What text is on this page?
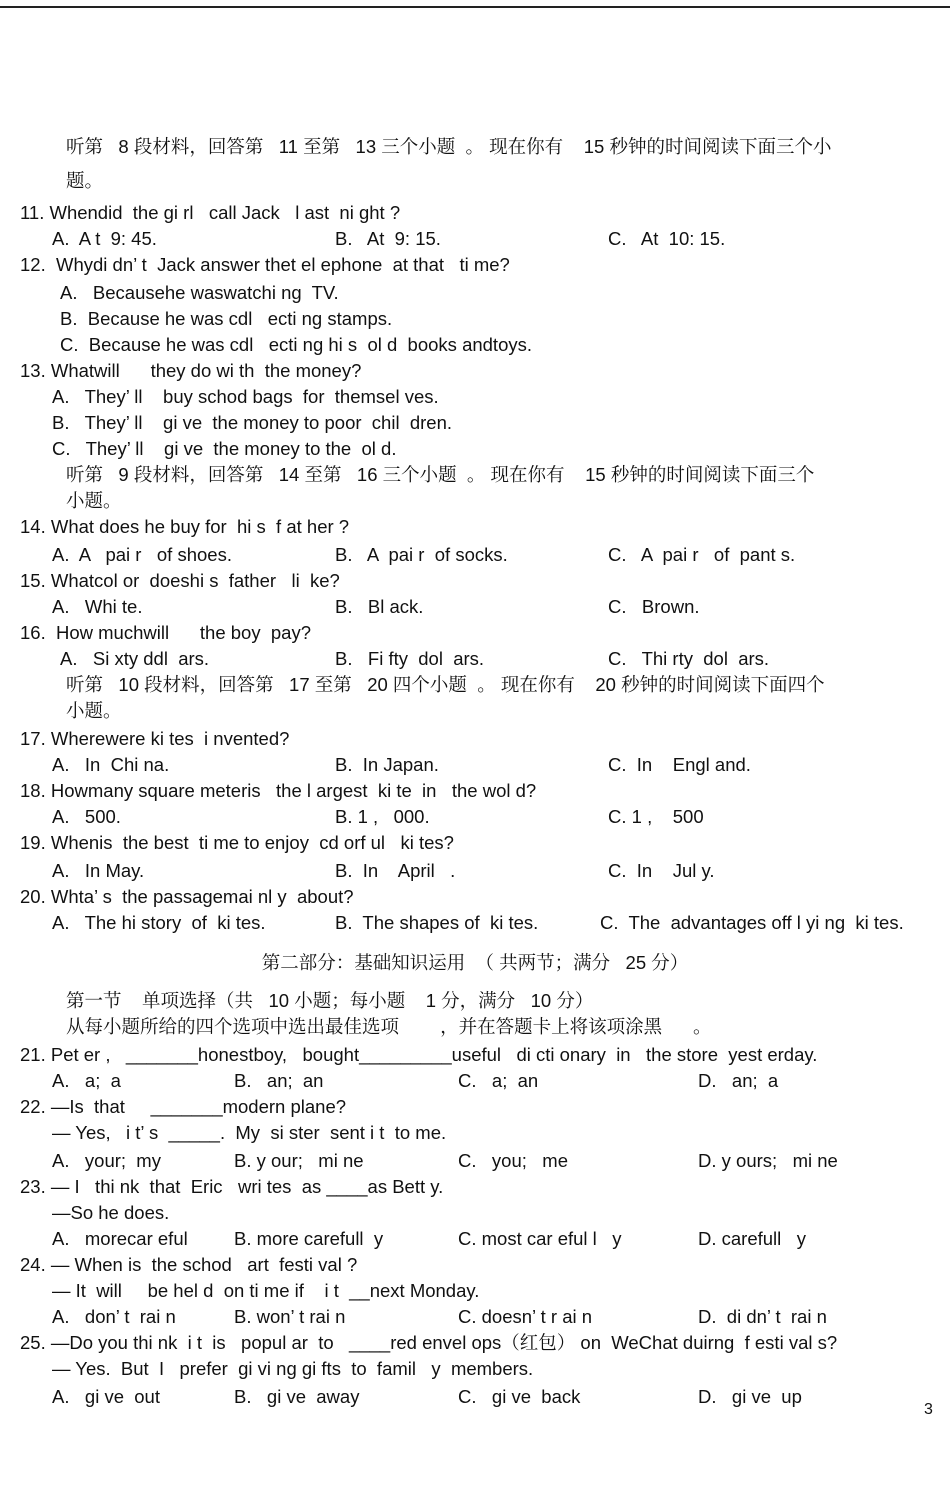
听第   8 段材料，回答第   11 至第   13 三个小题  。 现在你有    15 秒钟的时间阅读下面三个小
题。
11. Whendid  the gi rl   call Jack   l ast  ni ght ?
A.  A t  9: 45.	B.   At  9: 15.	C.   At  10: 15.
12.  Whydi dn’ t  Jack answer thet el ephone  at that   ti me?
A.   Becausehe waswatchi ng  TV.
B.  Because he was cdl   ecti ng stamps.
C.  Because he was cdl   ecti ng hi s  ol d  books andtoys.
13. Whatwill      they do wi th  the money?
A.   They’ ll    buy schod bags  for  themsel ves.
B.   They’ ll    gi ve  the money to poor  chil  dren.
C.   They’ ll    gi ve  the money to the  ol d.
听第   9 段材料，回答第   14 至第   16 三个小题  。 现在你有    15 秒钟的时间阅读下面三个
小题。
14. What does he buy for  hi s  f at her ?
A.  A   pai r   of shoes.	B.   A  pai r  of socks.	C.   A  pai r   of  pant s.
15. Whatcol or  doeshi s  father   li  ke?
A.   Whi te.	B.   Bl ack.	C.   Brown.
16.  How muchwill      the boy  pay?
A.   Si xty ddl  ars.	B.   Fi fty  dol  ars.	C.   Thi rty  dol  ars.
听第   10 段材料，回答第   17 至第   20 四个小题  。 现在你有    20 秒钟的时间阅读下面四个
小题。
17. Wherewere ki tes  i nvented?
A.   In  Chi na.	B.  In Japan.	C.  In    Engl and.
18. Howmany square meteris   the l argest  ki te  in   the wol d?
A.   500.	B. 1 ,   000.	C. 1 ,    500
19. Whenis  the best  ti me to enjoy  cd orf ul   ki tes?
A.   In May.	B.  In    April   .	C.  In    Jul y.
20. Whta’ s  the passagemai nl y  about?
A.   The hi story  of  ki tes.	B.  The shapes of  ki tes.	C.  The  advantages off l yi ng  ki tes.
第二部分：基础知识运用  （ 共两节；满分   25 分）
第一节    单项选择（共   10 小题；每小题    1 分，满分   10 分）
从每小题所给的四个选项中选出最佳选项        ，并在答题卡上将该项涂黑      。
21. Pet er ,   _______honestboy,   bought_________useful   di cti onary  in   the store  yest erday.
A.   a;  a	B.   an;  an	C.   a;  an	D.   an;  a
22. —Is  that     _______modern plane?
— Yes,   i t’ s  _____.  My  si ster  sent i t  to me.
A.   your;  my	B. y our;   mi ne	C.   you;   me	D. y ours;   mi ne
23. — I   thi nk  that  Eric   wri tes  as ____as Bett y.
—So he does.
A.   morecar eful	B. more carefull  y	C. most car eful l   y	D. carefull   y
24. — When is  the schod   art  festi val ?
— It  will     be hel d  on ti me if    i t  __next Monday.
A.   don’ t  rai n	B. won’ t rai n	C. doesn’ t r ai n	D.  di dn’ t  rai n
25. —Do you thi nk  i t  is   popul ar  to   ____red envel ops（红包） on  WeChat duirng  f esti val s?
— Yes.  But  I   prefer  gi vi ng gi fts  to  famil   y  members.
A.   gi ve  out	B.   gi ve  away	C.   gi ve  back	D.   gi ve  up
3
